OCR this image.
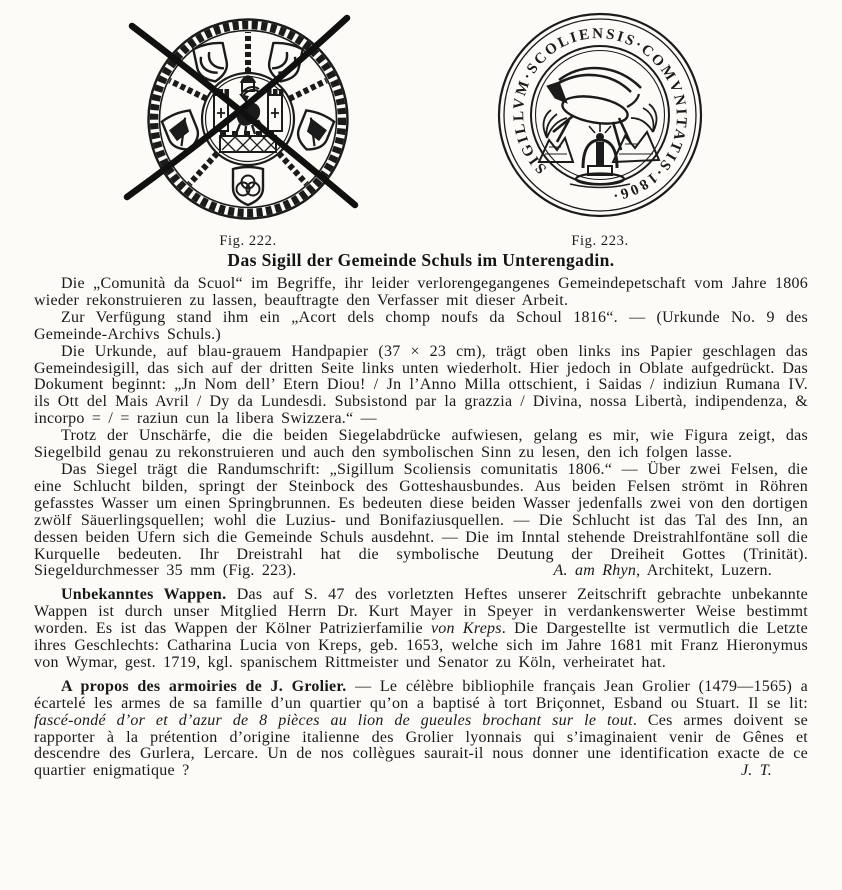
SIGILLVM·SCOLIENSIS·COMVNITATIS·1806·
Fig. 222.	Fig. 223.
Das Sigill der Gemeinde Schuls im Unterengadin.

Die „Comunità da Scuol“ im Begriffe, ihr leider verlorengegangenes Gemeindepetschaft vom Jahre 1806 wieder rekonstruieren zu lassen, beauftragte den Verfasser mit dieser Arbeit.

Zur Verfügung stand ihm ein „Acort dels chomp noufs da Schoul 1816“. — (Urkunde No. 9 des Gemeinde-Archivs Schuls.)

Die Urkunde, auf blau-grauem Handpapier (37 × 23 cm), trägt oben links ins Papier geschlagen das Gemeindesigill, das sich auf der dritten Seite links unten wiederholt. Hier jedoch in Oblate aufgedrückt. Das Dokument beginnt: „Jn Nom dell’ Etern Diou! / Jn l’Anno Milla ottschient, i Saidas / indiziun Rumana IV. ils Ott del Mais Avril / Dy da Lundesdi. Subsistond par la grazzia / Divina, nossa Libertà, indipendenza, & incorpo = / = raziun cun la libera Swizzera.“ —

Trotz der Unschärfe, die die beiden Siegelabdrücke aufwiesen, gelang es mir, wie Figura zeigt, das Siegelbild genau zu rekonstruieren und auch den symbolischen Sinn zu lesen, den ich folgen lasse.

Das Siegel trägt die Randumschrift: „Sigillum Scoliensis comunitatis 1806.“ — Über zwei Felsen, die eine Schlucht bilden, springt der Steinbock des Gotteshausbundes. Aus beiden Felsen strömt in Röhren gefasstes Wasser um einen Springbrunnen. Es bedeuten diese beiden Wasser jedenfalls zwei von den dortigen zwölf Säuerlingsquellen; wohl die Luzius- und Bonifaziusquellen. — Die Schlucht ist das Tal des Inn, an dessen beiden Ufern sich die Gemeinde Schuls ausdehnt. — Die im Inntal stehende Dreistrahlfontäne soll die Kurquelle bedeuten. Ihr Dreistrahl hat die symbolische Deutung der Dreiheit Gottes (Trinität). Siegeldurchmesser 35 mm (Fig. 223).	A. am Rhyn, Architekt, Luzern.

Unbekanntes Wappen. Das auf S. 47 des vorletzten Heftes unserer Zeitschrift gebrachte unbekannte Wappen ist durch unser Mitglied Herrn Dr. Kurt Mayer in Speyer in verdankenswerter Weise bestimmt worden. Es ist das Wappen der Kölner Patrizierfamilie von Kreps. Die Dargestellte ist vermutlich die Letzte ihres Geschlechts: Catharina Lucia von Kreps, geb. 1653, welche sich im Jahre 1681 mit Franz Hieronymus von Wymar, gest. 1719, kgl. spanischem Rittmeister und Senator zu Köln, verheiratet hat.

A propos des armoiries de J. Grolier. — Le célèbre bibliophile français Jean Grolier (1479—1565) a écartelé les armes de sa famille d’un quartier qu’on a baptisé à tort Briçonnet, Esband ou Stuart. Il se lit: fascé-ondé d’or et d’azur de 8 pièces au lion de gueules brochant sur le tout. Ces armes doivent se rapporter à la prétention d’origine italienne des Grolier lyonnais qui s’imaginaient venir de Gênes et descendre des Gurlera, Lercare. Un de nos collègues saurait-il nous donner une identification exacte de ce quartier enigmatique ?	J. T.
